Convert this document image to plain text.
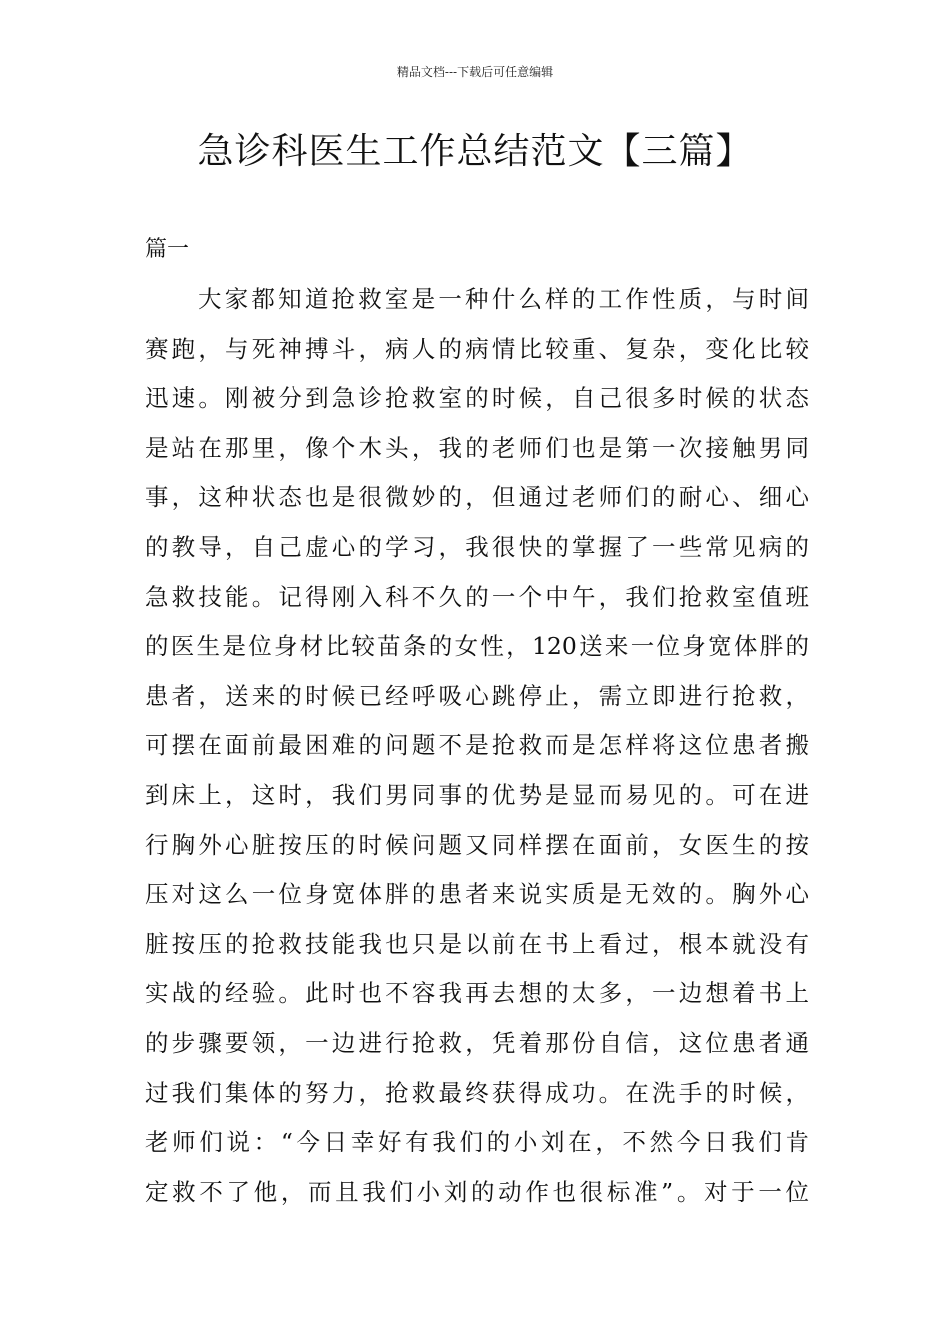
精品文档---下载后可任意编辑
急诊科医生工作总结范文【三篇】
篇一
大家都知道抢救室是一种什么样的工作性质，与时间
赛跑，与死神搏斗，病人的病情比较重、复杂，变化比较
迅速。刚被分到急诊抢救室的时候，自己很多时候的状态
是站在那里，像个木头，我的老师们也是第一次接触男同
事，这种状态也是很微妙的，但通过老师们的耐心、细心
的教导，自己虚心的学习，我很快的掌握了一些常见病的
急救技能。记得刚入科不久的一个中午，我们抢救室值班
的医生是位身材比较苗条的女性，120送来一位身宽体胖的
患者，送来的时候已经呼吸心跳停止，需立即进行抢救，
可摆在面前最困难的问题不是抢救而是怎样将这位患者搬
到床上，这时，我们男同事的优势是显而易见的。可在进
行胸外心脏按压的时候问题又同样摆在面前，女医生的按
压对这么一位身宽体胖的患者来说实质是无效的。胸外心
脏按压的抢救技能我也只是以前在书上看过，根本就没有
实战的经验。此时也不容我再去想的太多，一边想着书上
的步骤要领，一边进行抢救，凭着那份自信，这位患者通
过我们集体的努力，抢救最终获得成功。在洗手的时候，
老师们说：“今日幸好有我们的小刘在，不然今日我们肯
定救不了他，而且我们小刘的动作也很标准”。对于一位
